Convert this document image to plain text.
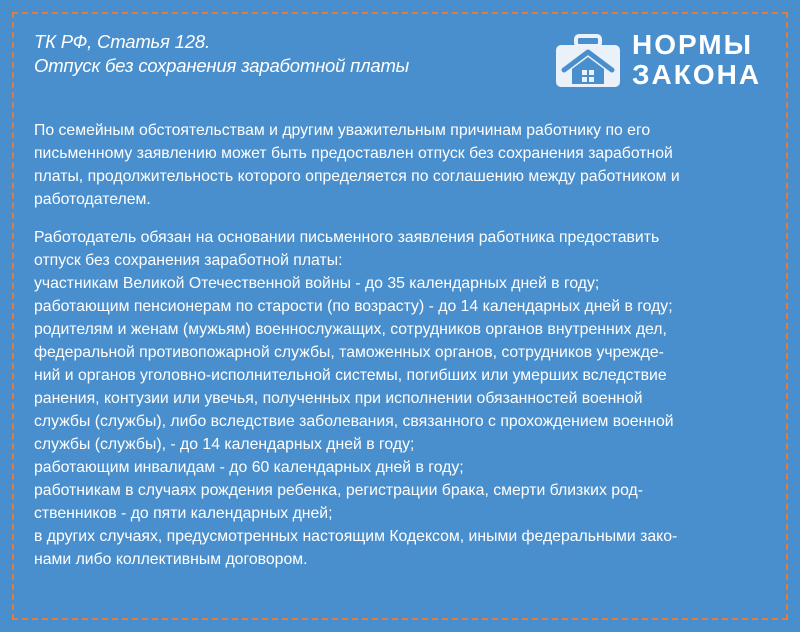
ТК РФ, Статья 128.
Отпуск без сохранения заработной платы
НОРМЫ
ЗАКОНА

По семейным обстоятельствам и другим уважительным причинам работнику по его
письменному заявлению может быть предоставлен отпуск без сохранения заработной
платы, продолжительность которого определяется по соглашению между работником и
работодателем.

Работодатель обязан на основании письменного заявления работника предоставить
отпуск без сохранения заработной платы:
участникам Великой Отечественной войны - до 35 календарных дней в году;
работающим пенсионерам по старости (по возрасту) - до 14 календарных дней в году;
родителям и женам (мужьям) военнослужащих, сотрудников органов внутренних дел,
федеральной противопожарной службы, таможенных органов, сотрудников учрежде-
ний и органов уголовно-исполнительной системы, погибших или умерших вследствие
ранения, контузии или увечья, полученных при исполнении обязанностей военной
службы (службы), либо вследствие заболевания, связанного с прохождением военной
службы (службы), - до 14 календарных дней в году;
работающим инвалидам - до 60 календарных дней в году;
работникам в случаях рождения ребенка, регистрации брака, смерти близких род-
ственников - до пяти календарных дней;
в других случаях, предусмотренных настоящим Кодексом, иными федеральными зако-
нами либо коллективным договором.
